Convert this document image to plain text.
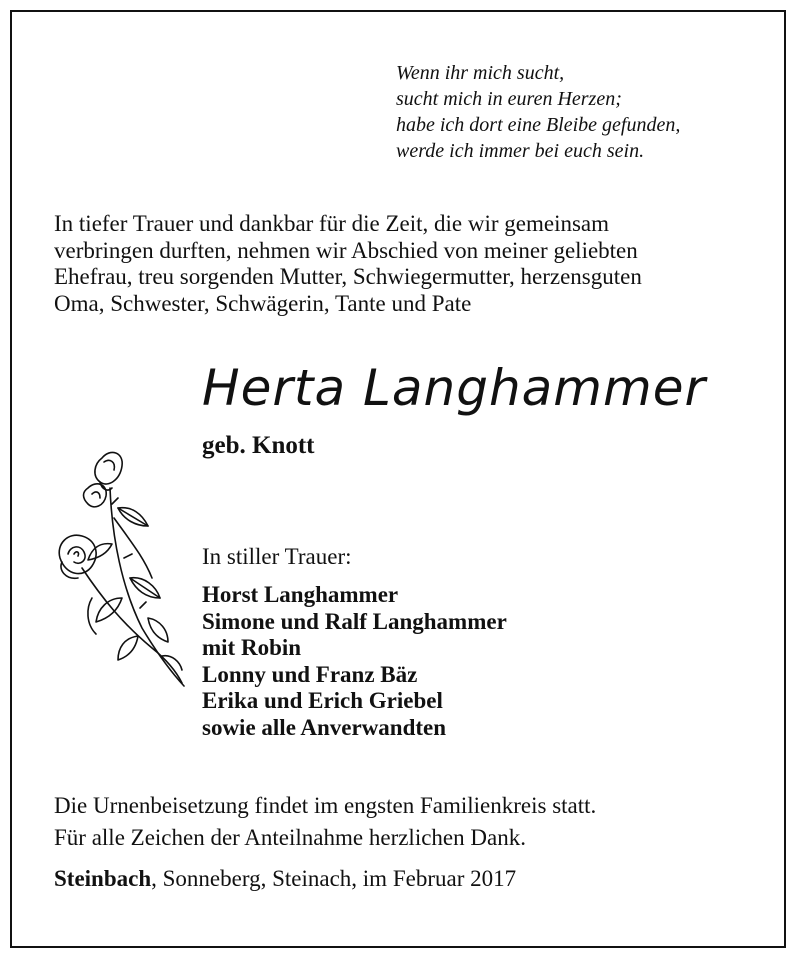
Wenn ihr mich sucht,
sucht mich in euren Herzen;
habe ich dort eine Bleibe gefunden,
werde ich immer bei euch sein.
In tiefer Trauer und dankbar für die Zeit, die wir gemeinsam
verbringen durften, nehmen wir Abschied von meiner geliebten
Ehefrau, treu sorgenden Mutter, Schwiegermutter, herzensguten
Oma, Schwester, Schwägerin, Tante und Pate
Herta Langhammer
geb. Knott
In stiller Trauer:
Horst Langhammer
Simone und Ralf Langhammer
mit Robin
Lonny und Franz Bäz
Erika und Erich Griebel
sowie alle Anverwandten
Die Urnenbeisetzung findet im engsten Familienkreis statt.
Für alle Zeichen der Anteilnahme herzlichen Dank.
Steinbach, Sonneberg, Steinach, im Februar 2017
